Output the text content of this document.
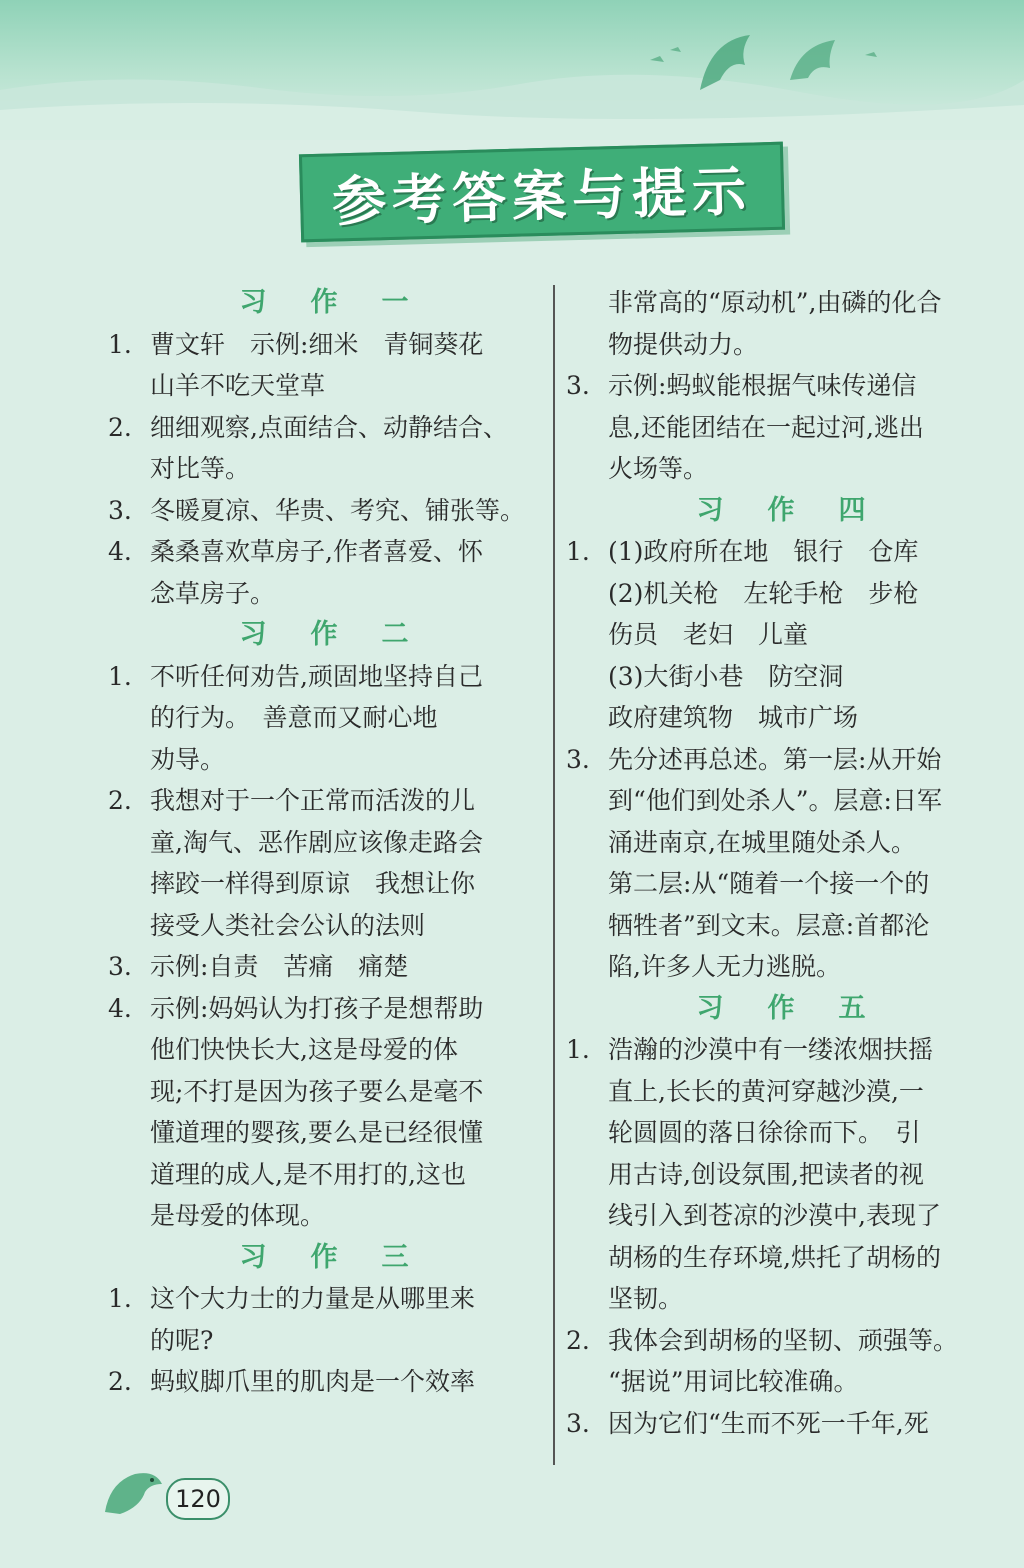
参考答案与提示
习作一
1. 曹文轩　示例:细米　青铜葵花
山羊不吃天堂草
2. 细细观察,点面结合、动静结合、
对比等。
3. 冬暖夏凉、华贵、考究、铺张等。
4. 桑桑喜欢草房子,作者喜爱、怀
念草房子。
习作二
1. 不听任何劝告,顽固地坚持自己
的行为。　善意而又耐心地
劝导。
2. 我想对于一个正常而活泼的儿
童,淘气、恶作剧应该像走路会
摔跤一样得到原谅　我想让你
接受人类社会公认的法则
3. 示例:自责　苦痛　痛楚
4. 示例:妈妈认为打孩子是想帮助
他们快快长大,这是母爱的体
现;不打是因为孩子要么是毫不
懂道理的婴孩,要么是已经很懂
道理的成人,是不用打的,这也
是母爱的体现。
习作三
1. 这个大力士的力量是从哪里来
的呢?
2. 蚂蚁脚爪里的肌肉是一个效率
非常高的“原动机”,由磷的化合
物提供动力。
3. 示例:蚂蚁能根据气味传递信
息,还能团结在一起过河,逃出
火场等。
习作四
1. (1)政府所在地　银行　仓库
(2)机关枪　左轮手枪　步枪
伤员　老妇　儿童
(3)大街小巷　防空洞
政府建筑物　城市广场
3. 先分述再总述。第一层:从开始
到“他们到处杀人”。层意:日军
涌进南京,在城里随处杀人。
第二层:从“随着一个接一个的
牺牲者”到文末。层意:首都沦
陷,许多人无力逃脱。
习作五
1. 浩瀚的沙漠中有一缕浓烟扶摇
直上,长长的黄河穿越沙漠,一
轮圆圆的落日徐徐而下。　引
用古诗,创设氛围,把读者的视
线引入到苍凉的沙漠中,表现了
胡杨的生存环境,烘托了胡杨的
坚韧。
2. 我体会到胡杨的坚韧、顽强等。
“据说”用词比较准确。
3. 因为它们“生而不死一千年,死
120
